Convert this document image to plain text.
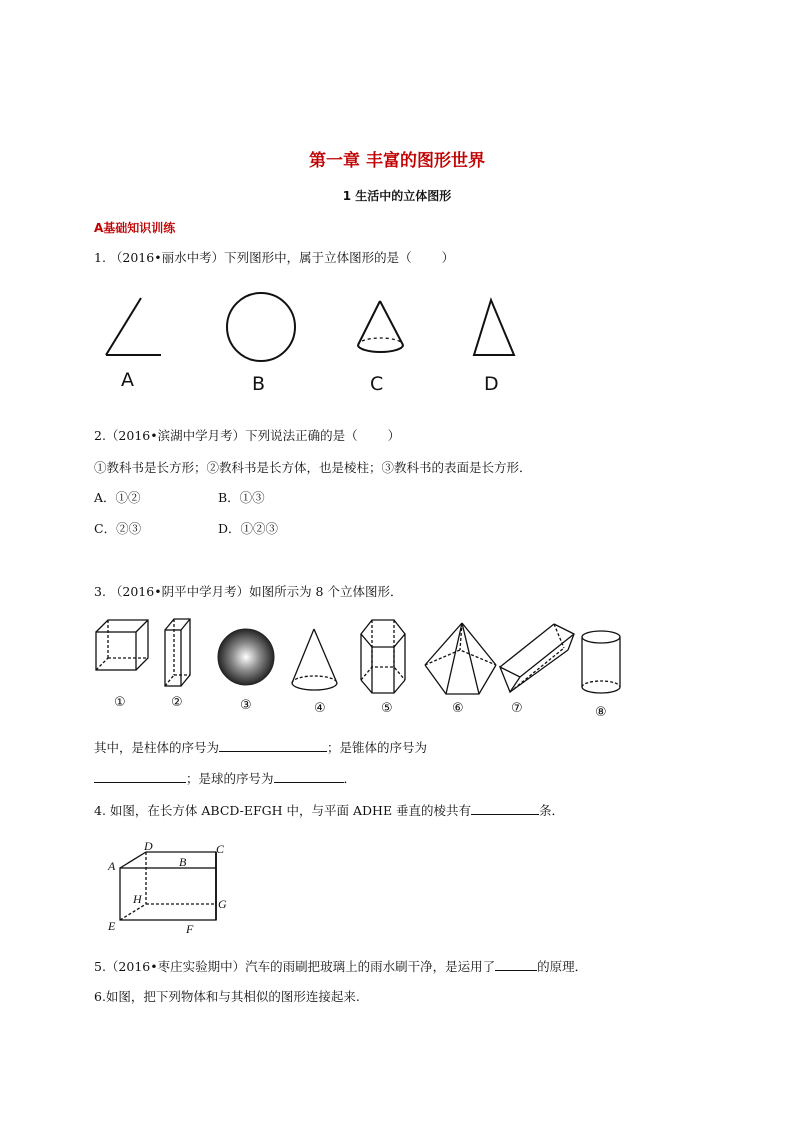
第一章 丰富的图形世界
1 生活中的立体图形
A基础知识训练
1. （2016•丽水中考）下列图形中，属于立体图形的是（ ）
A	B	C	D
2.（2016•滨湖中学月考）下列说法正确的是（ ）
①教科书是长方形；②教科书是长方体，也是棱柱；③教科书的表面是长方形．
A．①②	B．①③
C．②③	D．①②③
3. （2016•阴平中学月考）如图所示为 8 个立体图形．
①	②	③	④	⑤	⑥	⑦	⑧
其中，是柱体的序号为	；是锥体的序号为
；是球的序号为	．
4. 如图，在长方体 ABCD-EFGH 中，与平面 ADHE 垂直的棱共有	条．
A	B
C
D
E	F
G
H
5.（2016•枣庄实验期中）汽车的雨刷把玻璃上的雨水刷干净，是运用了	的原理．
6.如图，把下列物体和与其相似的图形连接起来.
